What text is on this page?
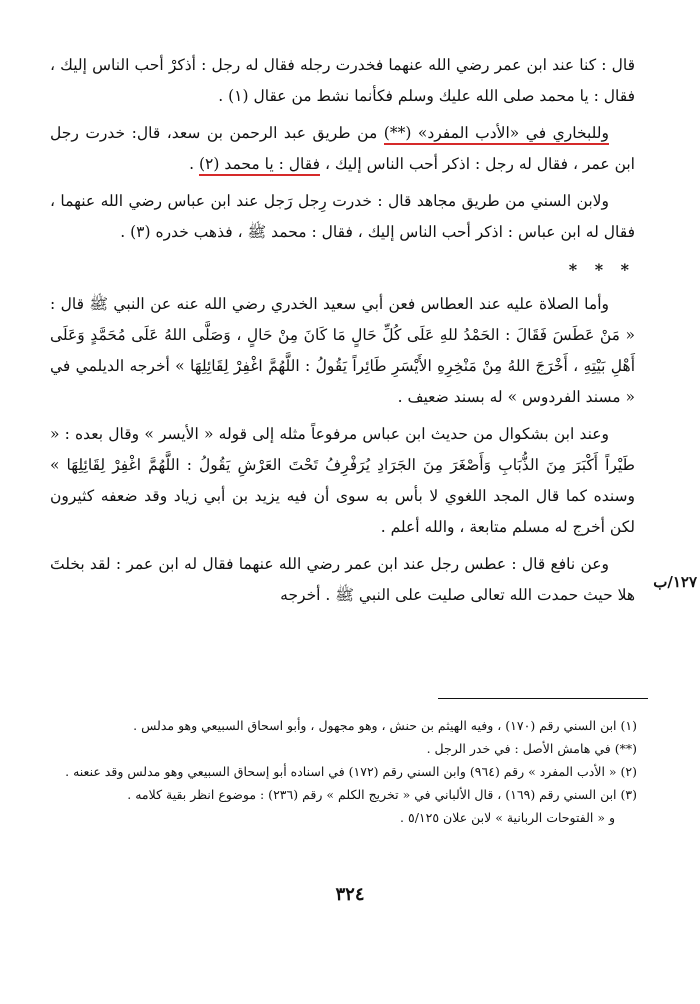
قال : كنا عند ابن عمر رضي الله عنهما فخدرت رجله فقال له رجل : أذكرْ أحب الناس إليك ، فقال : يا محمد صلى الله عليك وسلم فكأنما نشط من عقال (١) .

وللبخاري في «الأدب المفرد» (**) من طريق عبد الرحمن بن سعد، قال: خدرت رجل ابن عمر ، فقال له رجل : اذكر أحب الناس إليك ، فقال : يا محمد (٢) .

ولابن السني من طريق مجاهد قال : خدرت رِجل رَجل عند ابن عباس رضي الله عنهما ، فقال له ابن عباس : اذكر أحب الناس إليك ، فقال : محمد ﷺ ، فذهب خدره (٣) .

* * *

وأما الصلاة عليه عند العطاس فعن أبي سعيد الخدري رضي الله عنه عن النبي ﷺ قال : « مَنْ عَطَسَ فَقَالَ : الحَمْدُ للهِ عَلَى كُلِّ حَالٍ مَا كَانَ مِنْ حَالٍ ، وَصَلَّى اللهُ عَلَى مُحَمَّدٍ وَعَلَى أَهْلِ بَيْتِهِ ، أَخْرَجَ اللهُ مِنْ مَنْخِرِهِ الأَيْسَرِ طَائِراً يَقُولُ : اللَّهُمَّ اغْفِرْ لِقَائِلِهَا » أخرجه الديلمي في « مسند الفردوس » له بسند ضعيف .

وعند ابن بشكوال من حديث ابن عباس مرفوعاً مثله إلى قوله « الأيسر » وقال بعده : « طَيْراً أَكْبَرَ مِنَ الذُّبَابِ وَأَصْغَرَ مِنَ الجَرَادِ يُرَفْرِفُ تَحْتَ العَرْشِ يَقُولُ : اللَّهُمَّ اغْفِرْ لِقَائِلِهَا » وسنده كما قال المجد اللغوي لا بأس به سوى أن فيه يزيد بن أبي زياد وقد ضعفه كثيرون لكن أخرج له مسلم متابعة ، والله أعلم .

وعن نافع قال : عطس رجل عند ابن عمر رضي الله عنهما فقال له ابن عمر : لقد بخلتَ هلا حيث حمدت الله تعالى صليت على النبي ﷺ . أخرجه

١٢٧/ب
(١) ابن السني رقم (١٧٠) ، وفيه الهيثم بن حنش ، وهو مجهول ، وأبو اسحاق السبيعي وهو مدلس .
(**) في هامش الأصل : في خدر الرجل .
(٢) « الأدب المفرد » رقم (٩٦٤) وابن السني رقم (١٧٢) في اسناده أبو إسحاق السبيعي وهو مدلس وقد عنعنه .
(٣) ابن السني رقم (١٦٩) ، قال الألباني في « تخريج الكلم » رقم (٢٣٦) : موضوع انظر بقية كلامه .
و « الفتوحات الربانية » لابن علان ٥/١٢٥ .
٣٢٤
